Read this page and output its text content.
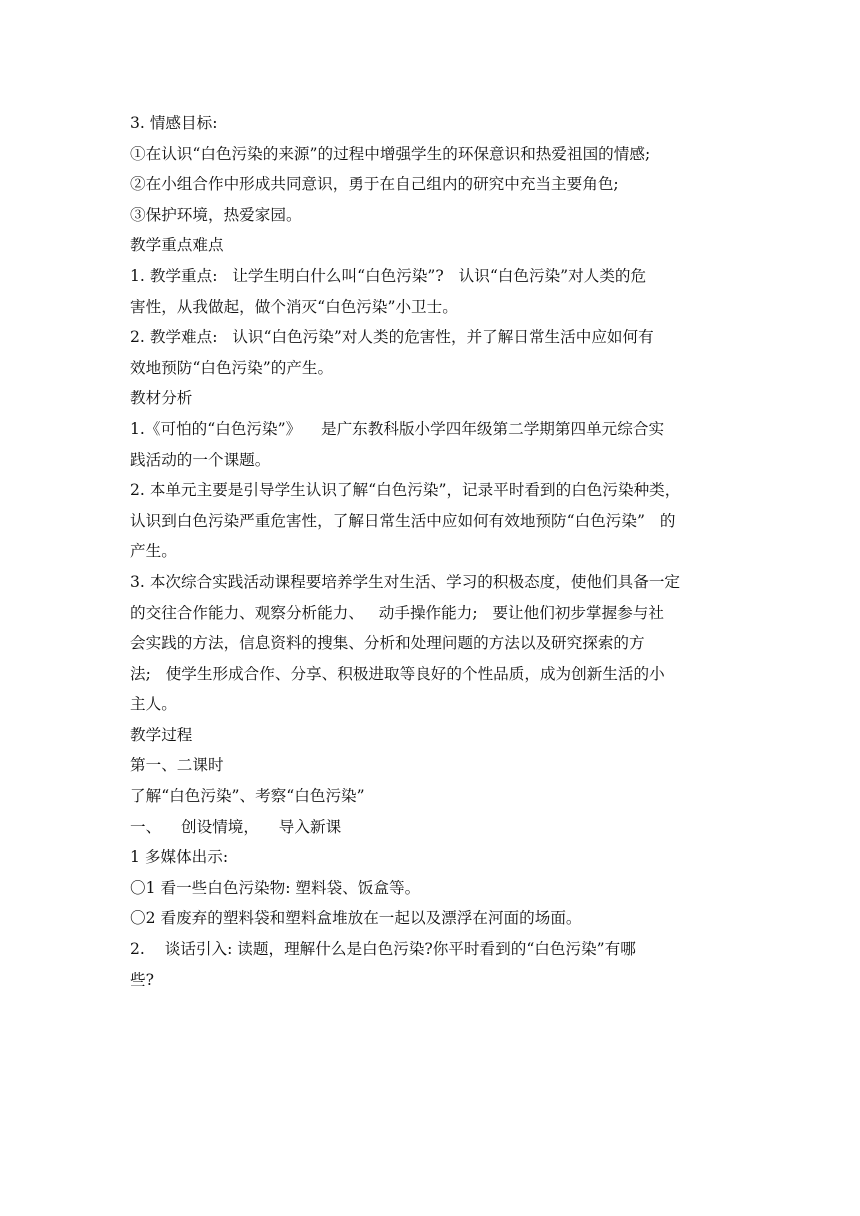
3. 情感目标:
①在认识“白色污染的来源”的过程中增强学生的环保意识和热爱祖国的情感;
②在小组合作中形成共同意识，勇于在自己组内的研究中充当主要角色;
③保护环境，热爱家园。
教学重点难点
1. 教学重点:   让学生明白什么叫“白色污染”?   认识“白色污染”对人类的危
害性，从我做起，做个消灭“白色污染”小卫士。
2. 教学难点:   认识“白色污染”对人类的危害性，并了解日常生活中应如何有
效地预防“白色污染”的产生。
教材分析
1.《可怕的“白色污染”》    是广东教科版小学四年级第二学期第四单元综合实
践活动的一个课题。
2. 本单元主要是引导学生认识了解“白色污染”，记录平时看到的白色污染种类，
认识到白色污染严重危害性，了解日常生活中应如何有效地预防“白色污染”   的
产生。
3. 本次综合实践活动课程要培养学生对生活、学习的积极态度，使他们具备一定
的交往合作能力、观察分析能力、   动手操作能力;   要让他们初步掌握参与社
会实践的方法，信息资料的搜集、分析和处理问题的方法以及研究探索的方
法;   使学生形成合作、分享、积极进取等良好的个性品质，成为创新生活的小
主人。
教学过程
第一、二课时
了解“白色污染”、考察“白色污染”
一、    创设情境，    导入新课
1 多媒体出示:
〇1 看一些白色污染物: 塑料袋、饭盒等。
〇2 看废弃的塑料袋和塑料盒堆放在一起以及漂浮在河面的场面。
2.    谈话引入: 读题，理解什么是白色污染?你平时看到的“白色污染”有哪
些?
